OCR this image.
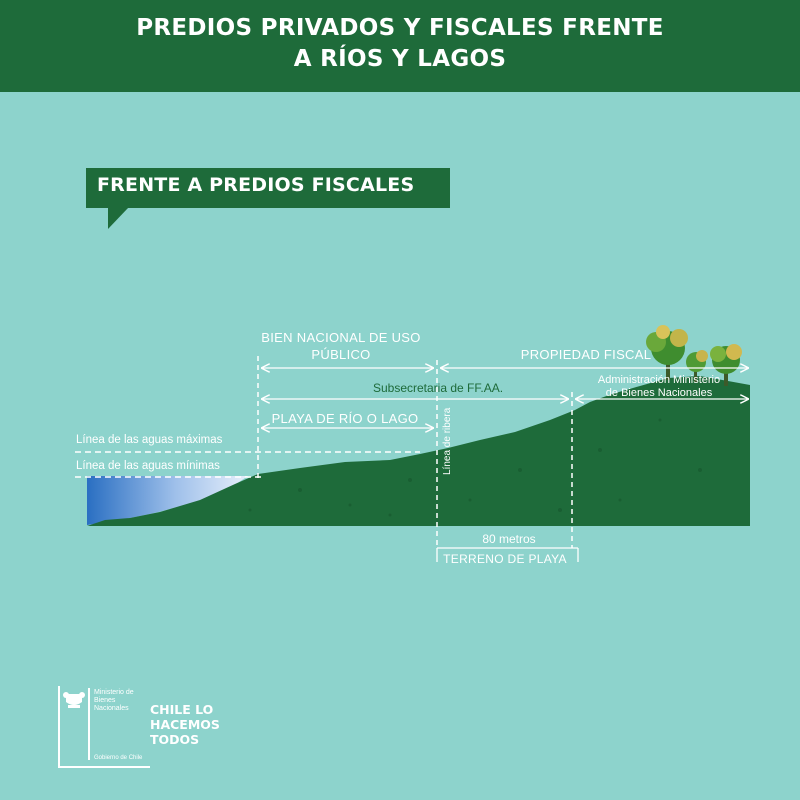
PREDIOS PRIVADOS Y FISCALES FRENTE
A RÍOS Y LAGOS
FRENTE A PREDIOS FISCALES
BIEN NACIONAL DE USO
PÚBLICO	PROPIEDAD FISCAL
Administración Ministerio
de Bienes Nacionales
PLAYA DE RÍO O LAGO
Línea de las aguas máximas
Línea de las aguas mínimas	Línea de ribera
80 metros
TERRENO DE PLAYA
Subsecretaria de FF.AA.
Ministerio de
Bienes
Nacionales
Gobierno de Chile
CHILE LO
HACEMOS
TODOS
